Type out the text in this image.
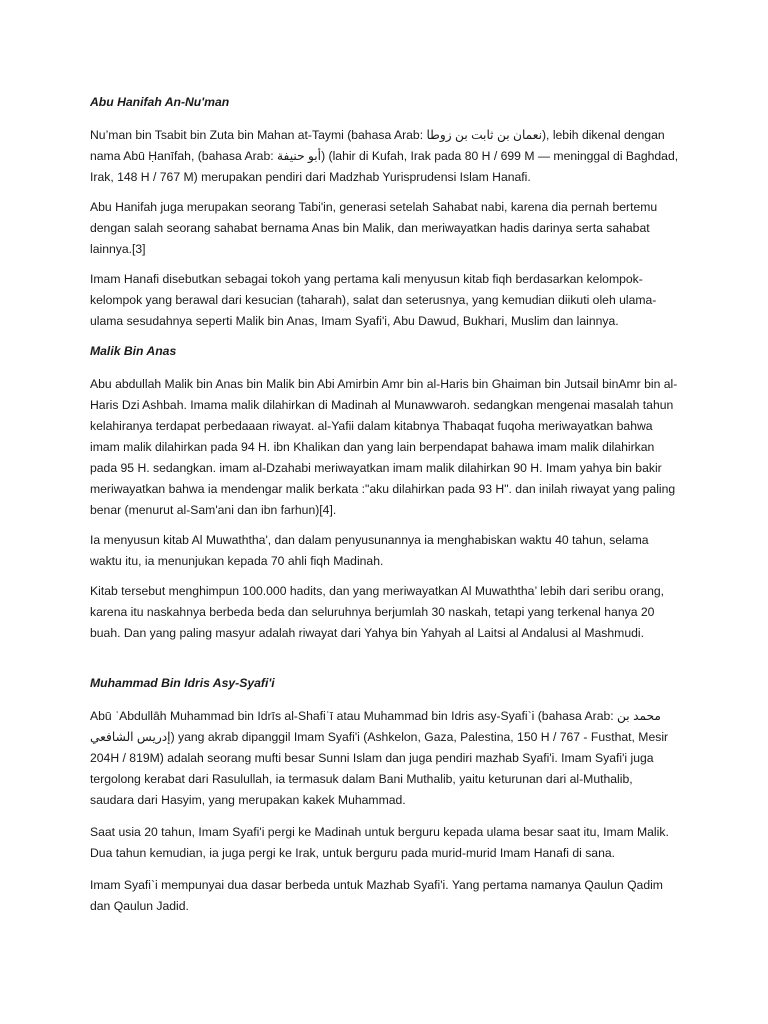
Abu Hanifah An-Nu'man

Nu’man bin Tsabit bin Zuta bin Mahan at-Taymi (bahasa Arab: نعمان بن ثابت بن زوطا), lebih dikenal dengan nama Abū Ḥanīfah, (bahasa Arab: أبو حنيفة) (lahir di Kufah, Irak pada 80 H / 699 M — meninggal di Baghdad, Irak, 148 H / 767 M) merupakan pendiri dari Madzhab Yurisprudensi Islam Hanafi.

Abu Hanifah juga merupakan seorang Tabi'in, generasi setelah Sahabat nabi, karena dia pernah bertemu dengan salah seorang sahabat bernama Anas bin Malik, dan meriwayatkan hadis darinya serta sahabat lainnya.[3]

Imam Hanafi disebutkan sebagai tokoh yang pertama kali menyusun kitab fiqh berdasarkan kelompok-kelompok yang berawal dari kesucian (taharah), salat dan seterusnya, yang kemudian diikuti oleh ulama-ulama sesudahnya seperti Malik bin Anas, Imam Syafi'i, Abu Dawud, Bukhari, Muslim dan lainnya.

Malik Bin Anas

Abu abdullah Malik bin Anas bin Malik bin Abi Amirbin Amr bin al-Haris bin Ghaiman bin Jutsail binAmr bin al-Haris Dzi Ashbah. Imama malik dilahirkan di Madinah al Munawwaroh. sedangkan mengenai masalah tahun kelahiranya terdapat perbedaaan riwayat. al-Yafii dalam kitabnya Thabaqat fuqoha meriwayatkan bahwa imam malik dilahirkan pada 94 H. ibn Khalikan dan yang lain berpendapat bahawa imam malik dilahirkan pada 95 H. sedangkan. imam al-Dzahabi meriwayatkan imam malik dilahirkan 90 H. Imam yahya bin bakir meriwayatkan bahwa ia mendengar malik berkata :"aku dilahirkan pada 93 H". dan inilah riwayat yang paling benar (menurut al-Sam'ani dan ibn farhun)[4].

Ia menyusun kitab Al Muwaththa', dan dalam penyusunannya ia menghabiskan waktu 40 tahun, selama waktu itu, ia menunjukan kepada 70 ahli fiqh Madinah.

Kitab tersebut menghimpun 100.000 hadits, dan yang meriwayatkan Al Muwaththa’ lebih dari seribu orang, karena itu naskahnya berbeda beda dan seluruhnya berjumlah 30 naskah, tetapi yang terkenal hanya 20 buah. Dan yang paling masyur adalah riwayat dari Yahya bin Yahyah al Laitsi al Andalusi al Mashmudi.

Muhammad Bin Idris Asy-Syafi'i

Abū ʿAbdullāh Muhammad bin Idrīs al-Shafiʿī atau Muhammad bin Idris asy-Syafi`i (bahasa Arab: محمد بن إدريس الشافعي) yang akrab dipanggil Imam Syafi'i (Ashkelon, Gaza, Palestina, 150 H / 767 - Fusthat, Mesir 204H / 819M) adalah seorang mufti besar Sunni Islam dan juga pendiri mazhab Syafi'i. Imam Syafi'i juga tergolong kerabat dari Rasulullah, ia termasuk dalam Bani Muthalib, yaitu keturunan dari al-Muthalib, saudara dari Hasyim, yang merupakan kakek Muhammad.

Saat usia 20 tahun, Imam Syafi'i pergi ke Madinah untuk berguru kepada ulama besar saat itu, Imam Malik. Dua tahun kemudian, ia juga pergi ke Irak, untuk berguru pada murid-murid Imam Hanafi di sana.

Imam Syafi`i mempunyai dua dasar berbeda untuk Mazhab Syafi'i. Yang pertama namanya Qaulun Qadim dan Qaulun Jadid.
